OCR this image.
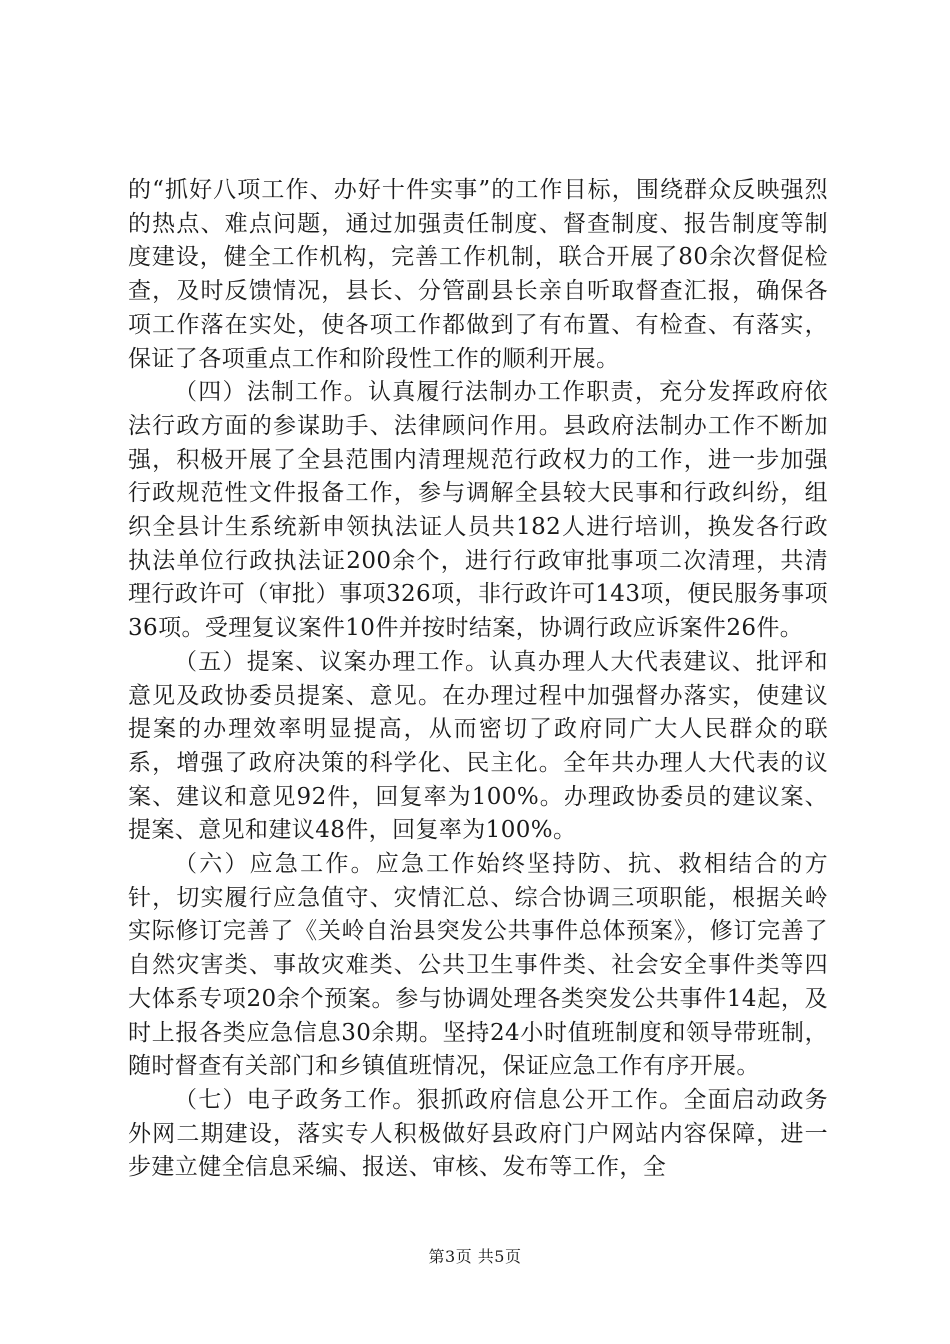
的“抓好八项工作、办好十件实事”的工作目标，围绕群众反映强烈的热点、难点问题，通过加强责任制度、督查制度、报告制度等制度建设，健全工作机构，完善工作机制，联合开展了80余次督促检查，及时反馈情况，县长、分管副县长亲自听取督查汇报，确保各项工作落在实处，使各项工作都做到了有布置、有检查、有落实，保证了各项重点工作和阶段性工作的顺利开展。

（四）法制工作。认真履行法制办工作职责，充分发挥政府依法行政方面的参谋助手、法律顾问作用。县政府法制办工作不断加强，积极开展了全县范围内清理规范行政权力的工作，进一步加强行政规范性文件报备工作，参与调解全县较大民事和行政纠纷，组织全县计生系统新申领执法证人员共182人进行培训，换发各行政执法单位行政执法证200余个，进行行政审批事项二次清理，共清理行政许可（审批）事项326项，非行政许可143项，便民服务事项36项。受理复议案件10件并按时结案，协调行政应诉案件26件。

（五）提案、议案办理工作。认真办理人大代表建议、批评和意见及政协委员提案、意见。在办理过程中加强督办落实，使建议提案的办理效率明显提高，从而密切了政府同广大人民群众的联系，增强了政府决策的科学化、民主化。全年共办理人大代表的议案、建议和意见92件，回复率为100%。办理政协委员的建议案、提案、意见和建议48件，回复率为100%。

（六）应急工作。应急工作始终坚持防、抗、救相结合的方针，切实履行应急值守、灾情汇总、综合协调三项职能，根据关岭实际修订完善了《关岭自治县突发公共事件总体预案》，修订完善了自然灾害类、事故灾难类、公共卫生事件类、社会安全事件类等四大体系专项20余个预案。参与协调处理各类突发公共事件14起，及时上报各类应急信息30余期。坚持24小时值班制度和领导带班制，随时督查有关部门和乡镇值班情况，保证应急工作有序开展。

（七）电子政务工作。狠抓政府信息公开工作。全面启动政务外网二期建设，落实专人积极做好县政府门户网站内容保障，进一步建立健全信息采编、报送、审核、发布等工作，全

第3页 共5页
